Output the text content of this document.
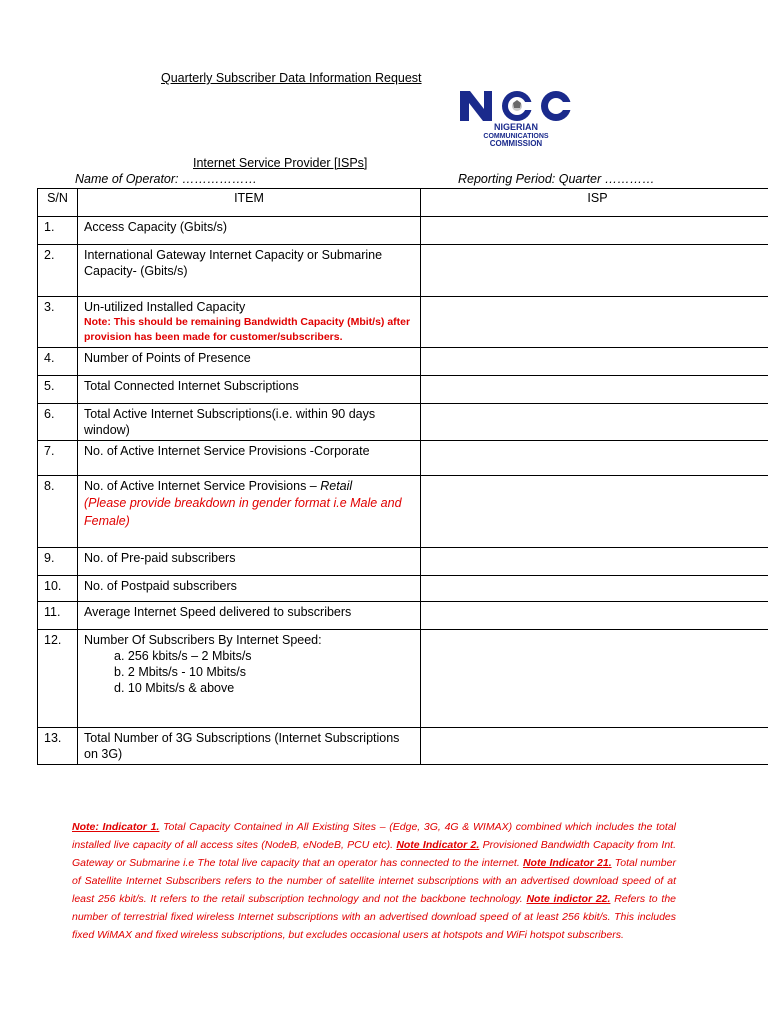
Quarterly Subscriber Data Information Request
NIGERIAN
COMMUNICATIONS
COMMISSION
Internet Service Provider [ISPs]
Name of Operator: ………………	Reporting Period: Quarter …………
S/N	ITEM	ISP
1.	Access Capacity (Gbits/s)	
2.	International Gateway Internet Capacity or Submarine Capacity- (Gbits/s)	
3.	Un-utilized Installed Capacity
Note: This should be remaining Bandwidth Capacity (Mbit/s) after provision has been made for customer/subscribers.	

4.	Number of Points of Presence	
5.	Total Connected Internet Subscriptions	
6.	Total Active Internet Subscriptions(i.e. within 90 days window)	
7.	No. of Active Internet Service Provisions -Corporate	
8.	No. of Active Internet Service Provisions – Retail
(Please provide breakdown in gender format i.e Male and Female)	

9.	No. of Pre-paid subscribers	
10.	No. of Postpaid subscribers	
11.	Average Internet Speed delivered to subscribers	
12.	Number Of Subscribers By Internet Speed:
a. 256 kbits/s – 2 Mbits/s
b. 2 Mbits/s - 10 Mbits/s
d. 10 Mbits/s & above	

13.	Total Number of 3G Subscriptions (Internet Subscriptions on 3G)	
Note: Indicator 1. Total Capacity Contained in All Existing Sites – (Edge, 3G, 4G & WIMAX) combined which includes the total installed live capacity of all access sites (NodeB, eNodeB, PCU etc). Note Indicator 2. Provisioned Bandwidth Capacity from Int. Gateway or Submarine i.e The total live capacity that an operator has connected to the internet. Note Indicator 21. Total number of Satellite Internet Subscribers refers to the number of satellite internet subscriptions with an advertised download speed of at least 256 kbit/s. It refers to the retail subscription technology and not the backbone technology. Note indictor 22. Refers to the number of terrestrial fixed wireless Internet subscriptions with an advertised download speed of at least 256 kbit/s. This includes fixed WiMAX and fixed wireless subscriptions, but excludes occasional users at hotspots and WiFi hotspot subscribers.
